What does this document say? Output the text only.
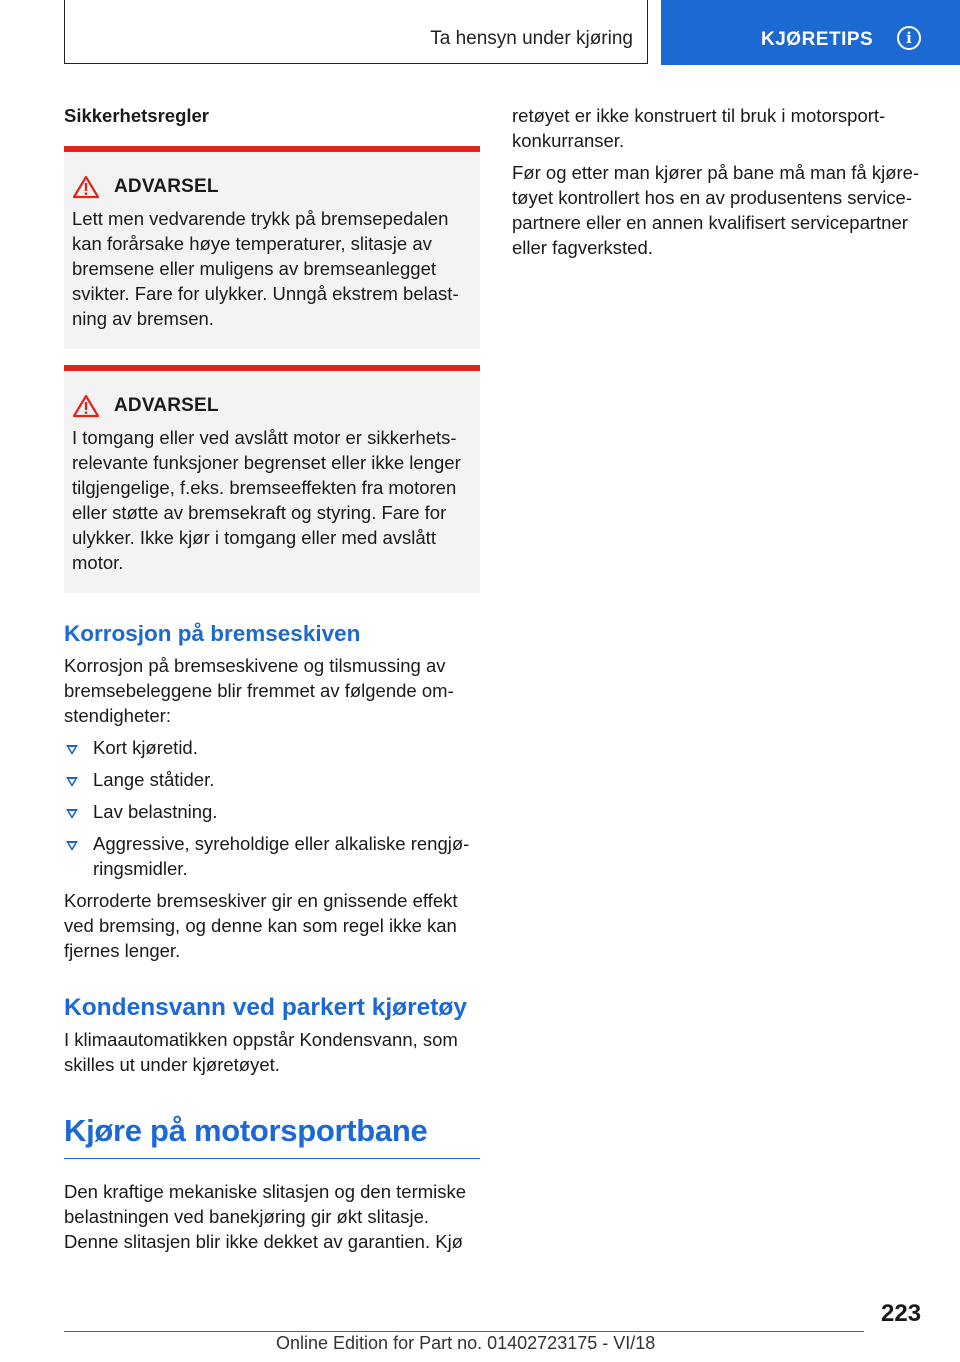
Ta hensyn under kjøring	KJØRETIPS	i

Sikkerhetsregler

ADVARSEL

Lett men vedvarende trykk på bremsepedalen kan forårsake høye temperaturer, slitasje av bremsene eller muligens av bremseanlegget svikter. Fare for ulykker. Unngå ekstrem belastning av bremsen.

ADVARSEL

I tomgang eller ved avslått motor er sikkerhetsrelevante funksjoner begrenset eller ikke lenger tilgjengelige, f.eks. bremseeffekten fra motoren eller støtte av bremsekraft og styring. Fare for ulykker. Ikke kjør i tomgang eller med avslått motor.

Korrosjon på bremseskiven

Korrosjon på bremseskivene og tilsmussing av bremsebeleggene blir fremmet av følgende omstendigheter:

Kort kjøretid.
Lange ståtider.
Lav belastning.
Aggressive, syreholdige eller alkaliske rengjøringsmidler.

Korroderte bremseskiver gir en gnissende effekt ved bremsing, og denne kan som regel ikke kan fjernes lenger.

Kondensvann ved parkert kjøretøy

I klimaautomatikken oppstår Kondensvann, som skilles ut under kjøretøyet.

Kjøre på motorsportbane

Den kraftige mekaniske slitasjen og den termiske belastningen ved banekjøring gir økt slitasje. Denne slitasjen blir ikke dekket av garantien. Kjø

retøyet er ikke konstruert til bruk i motorsportkonkurranser.

Før og etter man kjører på bane må man få kjøretøyet kontrollert hos en av produsentens servicepartnere eller en annen kvalifisert servicepartner eller fagverksted.

223
Online Edition for Part no. 01402723175 - VI/18
